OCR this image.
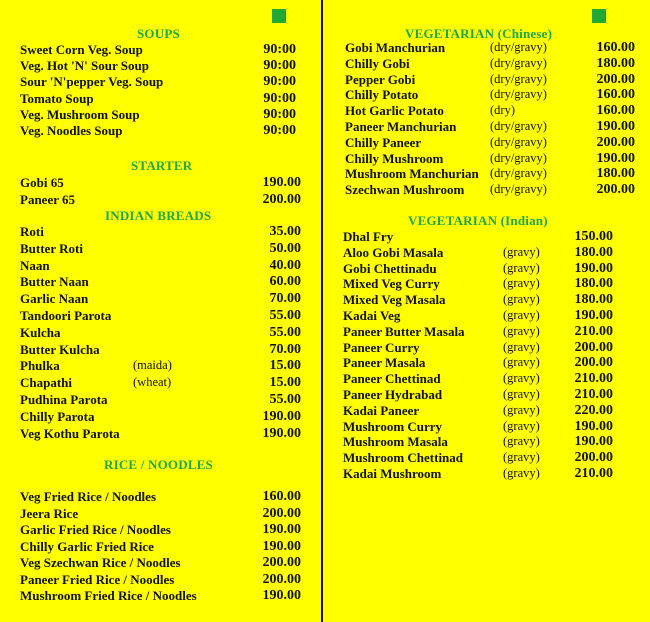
SOUPS
Sweet Corn Veg. Soup	90:00
Veg. Hot 'N' Sour Soup	90:00
Sour 'N'pepper Veg. Soup	90:00
Tomato Soup	90:00
Veg. Mushroom Soup	90:00
Veg. Noodles Soup	90:00
STARTER
Gobi 65	190.00
Paneer 65	200.00
INDIAN BREADS
Roti	35.00
Butter Roti	50.00
Naan	40.00
Butter Naan	60.00
Garlic Naan	70.00
Tandoori Parota	55.00
Kulcha	55.00
Butter Kulcha	70.00
Phulka	(maida)	15.00
Chapathi	(wheat)	15.00
Pudhina Parota	55.00
Chilly Parota	190.00
Veg Kothu Parota	190.00
RICE / NOODLES
Veg Fried Rice / Noodles	160.00
Jeera Rice	200.00
Garlic Fried Rice / Noodles	190.00
Chilly Garlic Fried Rice	190.00
Veg Szechwan Rice / Noodles	200.00
Paneer Fried Rice / Noodles	200.00
Mushroom Fried Rice / Noodles	190.00
VEGETARIAN (Chinese)
Gobi Manchurian	(dry/gravy)	160.00
Chilly Gobi	(dry/gravy)	180.00
Pepper Gobi	(dry/gravy)	200.00
Chilly Potato	(dry/gravy)	160.00
Hot Garlic Potato	(dry)	160.00
Paneer Manchurian	(dry/gravy)	190.00
Chilly Paneer	(dry/gravy)	200.00
Chilly Mushroom	(dry/gravy)	190.00
Mushroom Manchurian (dry/gravy)	180.00
Szechwan Mushroom (dry/gravy)	200.00
VEGETARIAN (Indian)
Dhal Fry	150.00
Aloo Gobi Masala	(gravy) 180.00
Gobi Chettinadu	(gravy) 190.00
Mixed Veg Curry	(gravy) 180.00
Mixed Veg Masala	(gravy) 180.00
Kadai Veg	(gravy) 190.00
Paneer Butter Masala	(gravy) 210.00
Paneer Curry	(gravy) 200.00
Paneer Masala	(gravy) 200.00
Paneer Chettinad	(gravy) 210.00
Paneer Hydrabad	(gravy) 210.00
Kadai Paneer	(gravy) 220.00
Mushroom Curry	(gravy) 190.00
Mushroom Masala	(gravy) 190.00
Mushroom Chettinad	(gravy) 200.00
Kadai Mushroom	(gravy) 210.00
